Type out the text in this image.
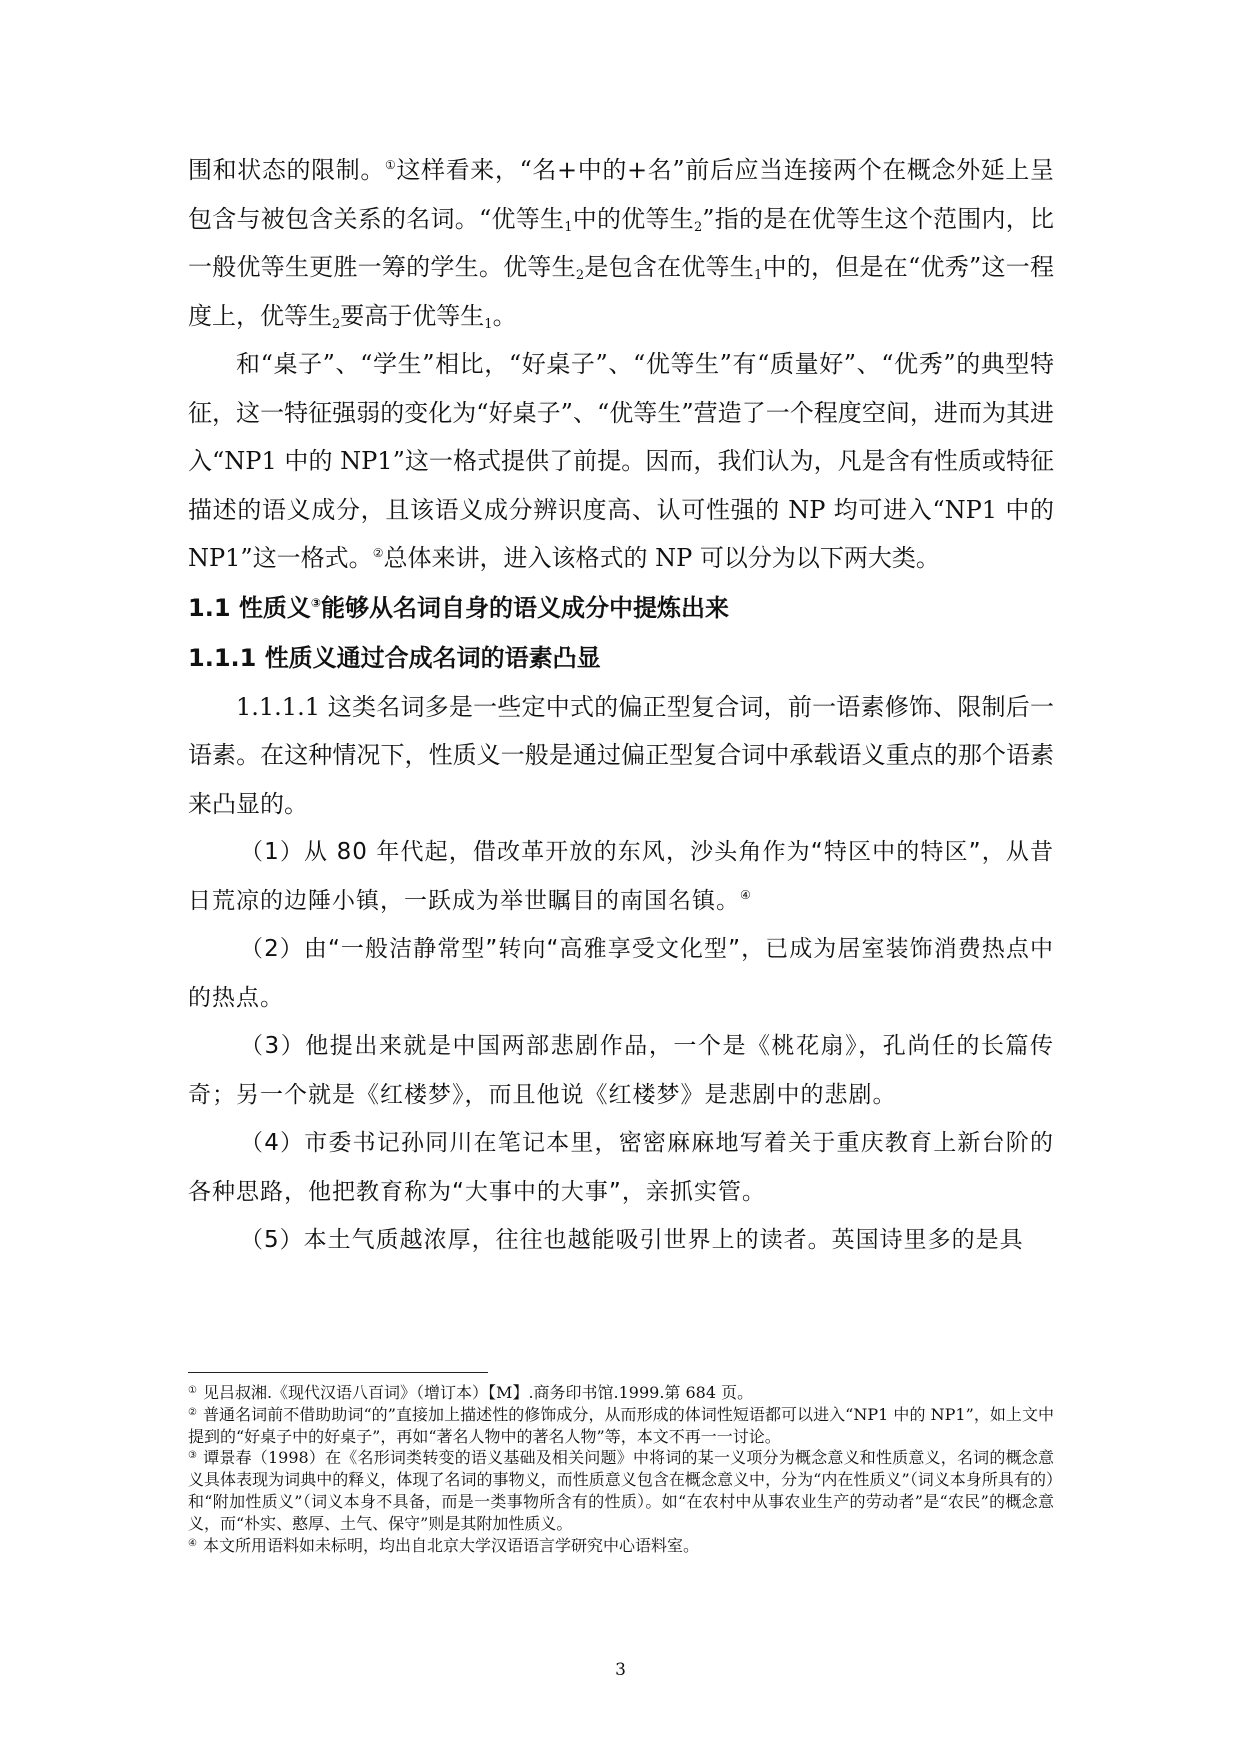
围和状态的限制。①这样看来，“名+中的+名”前后应当连接两个在概念外延上呈包含与被包含关系的名词。“优等生$_1$中的优等生$_2$”指的是在优等生这个范围内，比一般优等生更胜一筹的学生。优等生$_2$是包含在优等生$_1$中的，但是在“优秀”这一程度上，优等生$_2$要高于优等生$_1$。

和“桌子”、“学生”相比，“好桌子”、“优等生”有“质量好”、“优秀”的典型特征，这一特征强弱的变化为“好桌子”、“优等生”营造了一个程度空间，进而为其进入“NP1 中的 NP1”这一格式提供了前提。因而，我们认为，凡是含有性质或特征描述的语义成分，且该语义成分辨识度高、认可性强的 NP 均可进入“NP1 中的 NP1”这一格式。②总体来讲，进入该格式的 NP 可以分为以下两大类。

1.1 性质义③能够从名词自身的语义成分中提炼出来

1.1.1 性质义通过合成名词的语素凸显

1.1.1.1 这类名词多是一些定中式的偏正型复合词，前一语素修饰、限制后一语素。在这种情况下，性质义一般是通过偏正型复合词中承载语义重点的那个语素来凸显的。

（1）从 80 年代起，借改革开放的东风，沙头角作为“特区中的特区”，从昔日荒凉的边陲小镇，一跃成为举世瞩目的南国名镇。④

（2）由“一般洁静常型”转向“高雅享受文化型”，已成为居室装饰消费热点中的热点。

（3）他提出来就是中国两部悲剧作品，一个是《桃花扇》，孔尚任的长篇传奇；另一个就是《红楼梦》，而且他说《红楼梦》是悲剧中的悲剧。

（4）市委书记孙同川在笔记本里，密密麻麻地写着关于重庆教育上新台阶的各种思路，他把教育称为“大事中的大事”，亲抓实管。

（5）本土气质越浓厚，往往也越能吸引世界上的读者。英国诗里多的是具

① 见吕叔湘.《现代汉语八百词》（增订本）【M】.商务印书馆.1999.第 684 页。

② 普通名词前不借助助词“的”直接加上描述性的修饰成分，从而形成的体词性短语都可以进入“NP1 中的 NP1”，如上文中提到的“好桌子中的好桌子”，再如“著名人物中的著名人物”等，本文不再一一讨论。

③ 谭景春（1998）在《名形词类转变的语义基础及相关问题》中将词的某一义项分为概念意义和性质意义，名词的概念意义具体表现为词典中的释义，体现了名词的事物义，而性质意义包含在概念意义中，分为“内在性质义”（词义本身所具有的）和“附加性质义”（词义本身不具备，而是一类事物所含有的性质）。如“在农村中从事农业生产的劳动者”是“农民”的概念意义，而“朴实、憨厚、土气、保守”则是其附加性质义。

④ 本文所用语料如未标明，均出自北京大学汉语语言学研究中心语料室。

3
